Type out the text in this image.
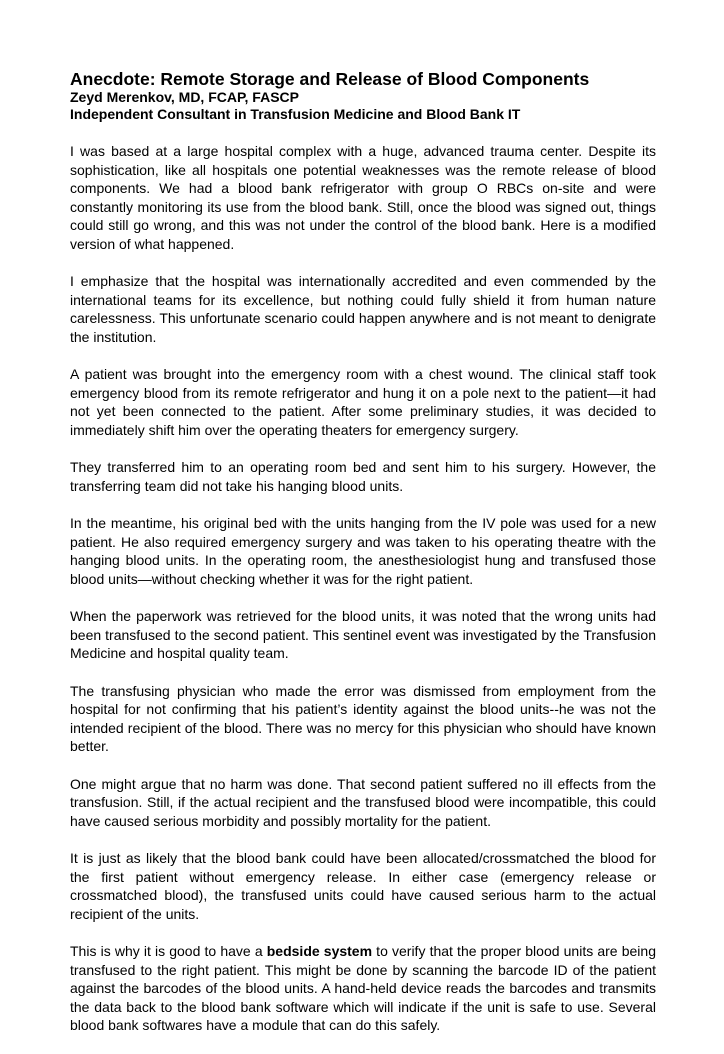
Anecdote: Remote Storage and Release of Blood Components

Zeyd Merenkov, MD, FCAP, FASCP

Independent Consultant in Transfusion Medicine and Blood Bank IT

I was based at a large hospital complex with a huge, advanced trauma center. Despite its sophistication, like all hospitals one potential weaknesses was the remote release of blood components. We had a blood bank refrigerator with group O RBCs on-site and were constantly monitoring its use from the blood bank. Still, once the blood was signed out, things could still go wrong, and this was not under the control of the blood bank. Here is a modified version of what happened.

I emphasize that the hospital was internationally accredited and even commended by the international teams for its excellence, but nothing could fully shield it from human nature carelessness. This unfortunate scenario could happen anywhere and is not meant to denigrate the institution.

A patient was brought into the emergency room with a chest wound. The clinical staff took emergency blood from its remote refrigerator and hung it on a pole next to the patient—it had not yet been connected to the patient. After some preliminary studies, it was decided to immediately shift him over the operating theaters for emergency surgery.

They transferred him to an operating room bed and sent him to his surgery. However, the transferring team did not take his hanging blood units.

In the meantime, his original bed with the units hanging from the IV pole was used for a new patient. He also required emergency surgery and was taken to his operating theatre with the hanging blood units. In the operating room, the anesthesiologist hung and transfused those blood units—without checking whether it was for the right patient.

When the paperwork was retrieved for the blood units, it was noted that the wrong units had been transfused to the second patient. This sentinel event was investigated by the Transfusion Medicine and hospital quality team.

The transfusing physician who made the error was dismissed from employment from the hospital for not confirming that his patient’s identity against the blood units--he was not the intended recipient of the blood. There was no mercy for this physician who should have known better.

One might argue that no harm was done. That second patient suffered no ill effects from the transfusion. Still, if the actual recipient and the transfused blood were incompatible, this could have caused serious morbidity and possibly mortality for the patient.

It is just as likely that the blood bank could have been allocated/crossmatched the blood for the first patient without emergency release. In either case (emergency release or crossmatched blood), the transfused units could have caused serious harm to the actual recipient of the units.

This is why it is good to have a bedside system to verify that the proper blood units are being transfused to the right patient. This might be done by scanning the barcode ID of the patient against the barcodes of the blood units. A hand-held device reads the barcodes and transmits the data back to the blood bank software which will indicate if the unit is safe to use. Several blood bank softwares have a module that can do this safely.
